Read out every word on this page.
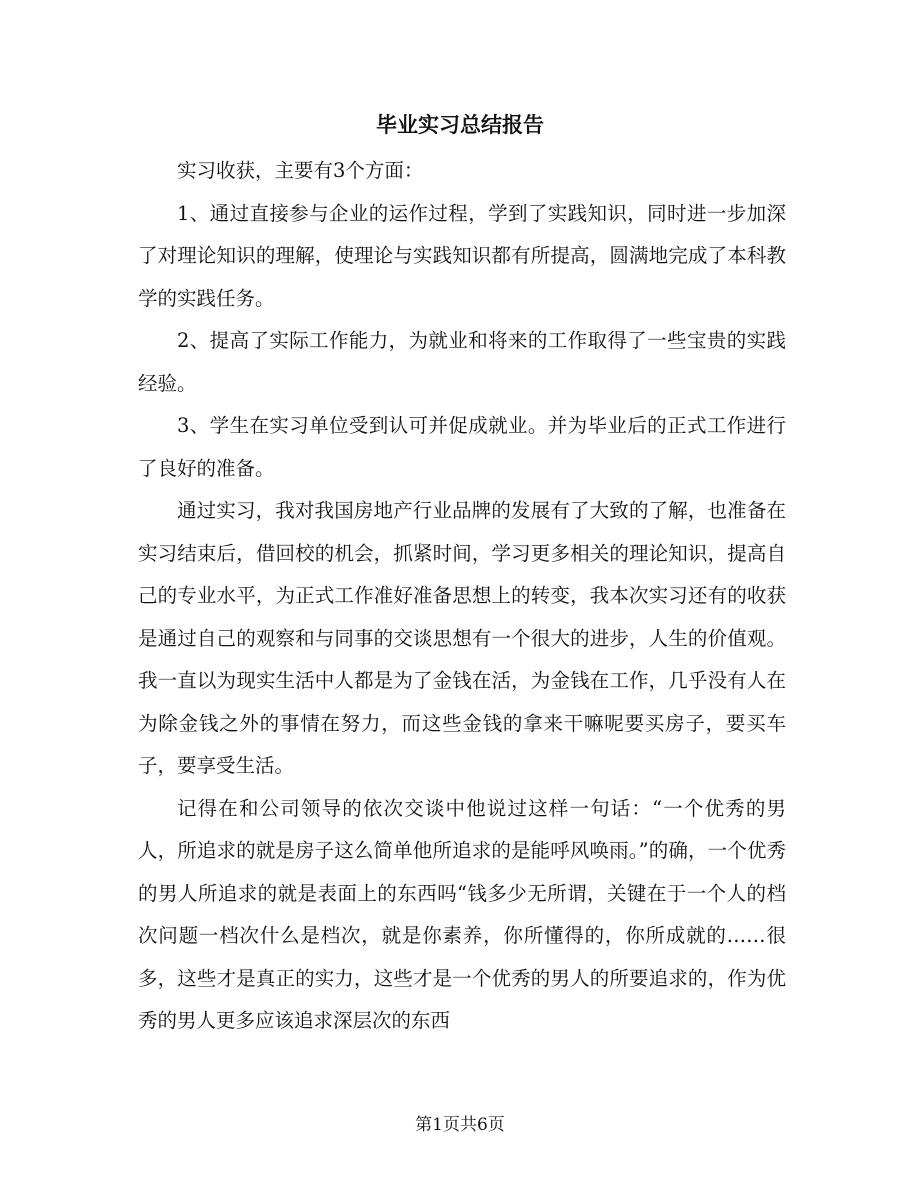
毕业实习总结报告

实习收获，主要有3个方面：

1、通过直接参与企业的运作过程，学到了实践知识，同时进一步加深了对理论知识的理解，使理论与实践知识都有所提高，圆满地完成了本科教学的实践任务。

2、提高了实际工作能力，为就业和将来的工作取得了一些宝贵的实践经验。

3、学生在实习单位受到认可并促成就业。并为毕业后的正式工作进行了良好的准备。

通过实习，我对我国房地产行业品牌的发展有了大致的了解，也准备在实习结束后，借回校的机会，抓紧时间，学习更多相关的理论知识，提高自己的专业水平，为正式工作准好准备思想上的转变，我本次实习还有的收获是通过自己的观察和与同事的交谈思想有一个很大的进步，人生的价值观。我一直以为现实生活中人都是为了金钱在活，为金钱在工作，几乎没有人在为除金钱之外的事情在努力，而这些金钱的拿来干嘛呢要买房子，要买车子，要享受生活。

记得在和公司领导的依次交谈中他说过这样一句话：“一个优秀的男人，所追求的就是房子这么简单他所追求的是能呼风唤雨。”的确，一个优秀的男人所追求的就是表面上的东西吗“钱多少无所谓，关键在于一个人的档次问题一档次什么是档次，就是你素养，你所懂得的，你所成就的……很多，这些才是真正的实力，这些才是一个优秀的男人的所要追求的，作为优秀的男人更多应该追求深层次的东西

第1页共6页
